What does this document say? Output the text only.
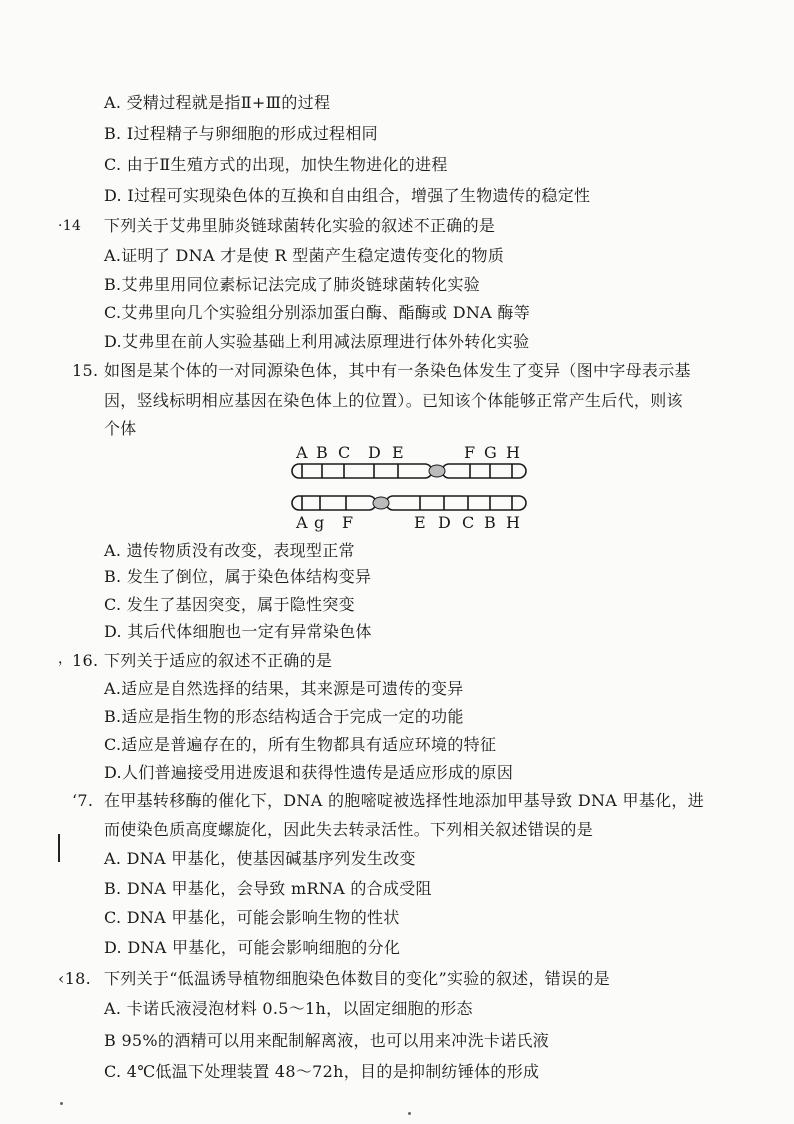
A. 受精过程就是指Ⅱ+Ⅲ的过程
B. Ⅰ过程精子与卵细胞的形成过程相同
C. 由于Ⅱ生殖方式的出现，加快生物进化的进程
D. Ⅰ过程可实现染色体的互换和自由组合，增强了生物遗传的稳定性
·14 下列关于艾弗里肺炎链球菌转化实验的叙述不正确的是
A.证明了 DNA 才是使 R 型菌产生稳定遗传变化的物质
B.艾弗里用同位素标记法完成了肺炎链球菌转化实验
C.艾弗里向几个实验组分别添加蛋白酶、酯酶或 DNA 酶等
D.艾弗里在前人实验基础上利用减法原理进行体外转化实验
15. 如图是某个体的一对同源染色体，其中有一条染色体发生了变异（图中字母表示基
因，竖线标明相应基因在染色体上的位置）。已知该个体能够正常产生后代，则该
个体
A B C D E	F G H
A g F	E D C B H
A. 遗传物质没有改变，表现型正常
B. 发生了倒位，属于染色体结构变异
C. 发生了基因突变，属于隐性突变
D. 其后代体细胞也一定有异常染色体
， 16. 下列关于适应的叙述不正确的是
A.适应是自然选择的结果，其来源是可遗传的变异
B.适应是指生物的形态结构适合于完成一定的功能
C.适应是普遍存在的，所有生物都具有适应环境的特征
D.人们普遍接受用进废退和获得性遗传是适应形成的原因
‘7. 在甲基转移酶的催化下，DNA 的胞嘧啶被选择性地添加甲基导致 DNA 甲基化，进
而使染色质高度螺旋化，因此失去转录活性。下列相关叙述错误的是
A. DNA 甲基化，使基因碱基序列发生改变
B. DNA 甲基化，会导致 mRNA 的合成受阻
C. DNA 甲基化，可能会影响生物的性状
D. DNA 甲基化，可能会影响细胞的分化
‹18. 下列关于“低温诱导植物细胞染色体数目的变化”实验的叙述，错误的是
A. 卡诺氏液浸泡材料 0.5～1h，以固定细胞的形态
B 95%的酒精可以用来配制解离液，也可以用来冲洗卡诺氏液
C. 4℃低温下处理装置 48～72h，目的是抑制纺锤体的形成
